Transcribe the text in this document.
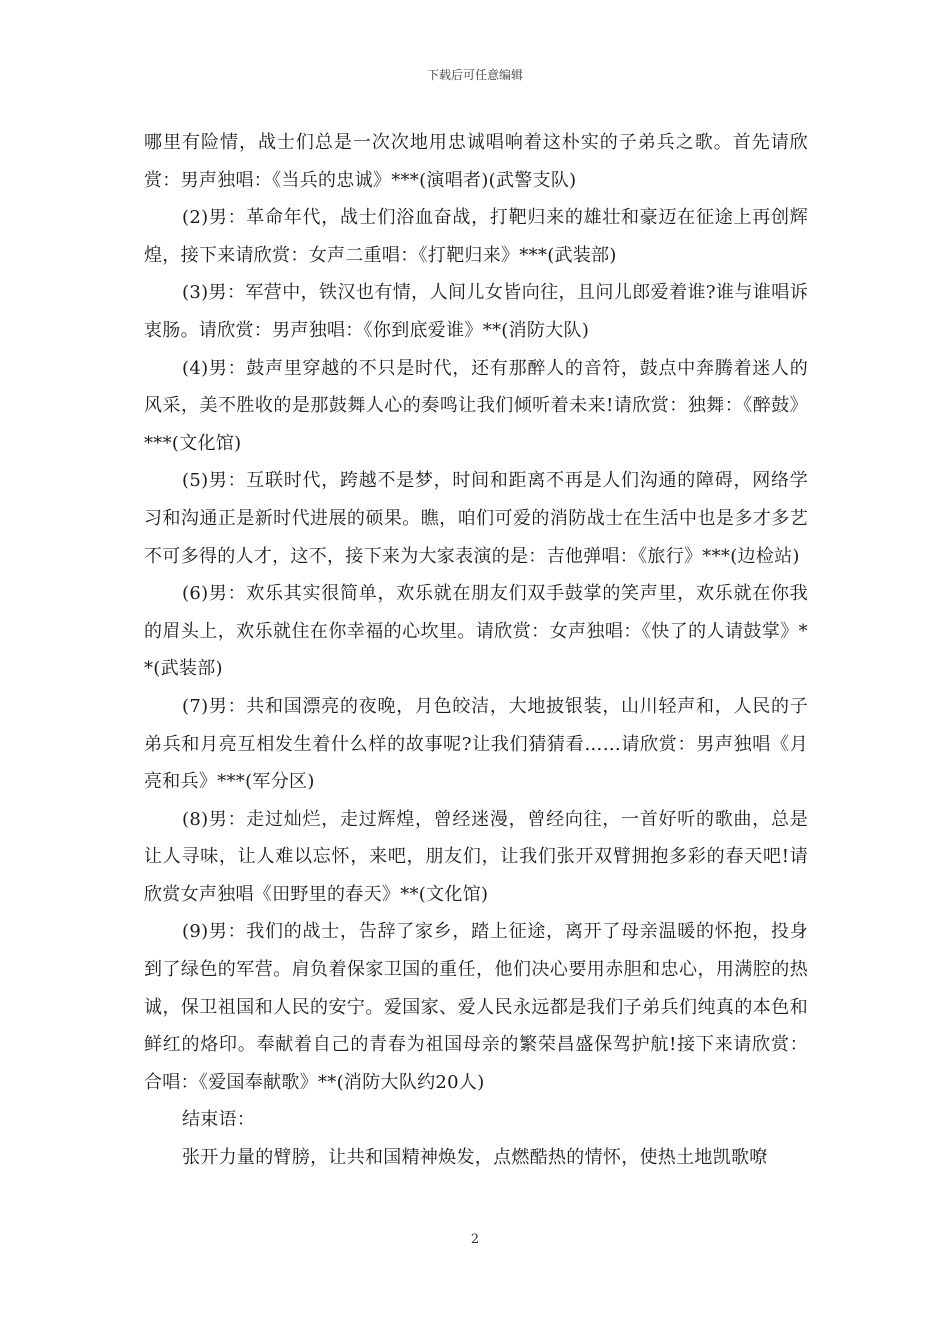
下载后可任意编辑

哪里有险情，战士们总是一次次地用忠诚唱响着这朴实的子弟兵之歌。首先请欣赏：男声独唱：《当兵的忠诚》***(演唱者)(武警支队)

(2)男：革命年代，战士们浴血奋战，打靶归来的雄壮和豪迈在征途上再创辉煌，接下来请欣赏：女声二重唱：《打靶归来》***(武装部)

(3)男：军营中，铁汉也有情，人间儿女皆向往，且问儿郎爱着谁?谁与谁唱诉衷肠。请欣赏：男声独唱：《你到底爱谁》**(消防大队)

(4)男：鼓声里穿越的不只是时代，还有那醉人的音符，鼓点中奔腾着迷人的风采，美不胜收的是那鼓舞人心的奏鸣让我们倾听着未来!请欣赏：独舞：《醉鼓》***(文化馆)

(5)男：互联时代，跨越不是梦，时间和距离不再是人们沟通的障碍，网络学习和沟通正是新时代进展的硕果。瞧，咱们可爱的消防战士在生活中也是多才多艺不可多得的人才，这不，接下来为大家表演的是：吉他弹唱：《旅行》***(边检站)

(6)男：欢乐其实很简单，欢乐就在朋友们双手鼓掌的笑声里，欢乐就在你我的眉头上，欢乐就住在你幸福的心坎里。请欣赏：女声独唱：《快了的人请鼓掌》**(武装部)

(7)男：共和国漂亮的夜晚，月色皎洁，大地披银装，山川轻声和，人民的子弟兵和月亮互相发生着什么样的故事呢?让我们猜猜看……请欣赏：男声独唱《月亮和兵》***(军分区)

(8)男：走过灿烂，走过辉煌，曾经迷漫，曾经向往，一首好听的歌曲，总是让人寻味，让人难以忘怀，来吧，朋友们，让我们张开双臂拥抱多彩的春天吧!请欣赏女声独唱《田野里的春天》**(文化馆)

(9)男：我们的战士，告辞了家乡，踏上征途，离开了母亲温暖的怀抱，投身到了绿色的军营。肩负着保家卫国的重任，他们决心要用赤胆和忠心，用满腔的热诚，保卫祖国和人民的安宁。爱国家、爱人民永远都是我们子弟兵们纯真的本色和鲜红的烙印。奉献着自己的青春为祖国母亲的繁荣昌盛保驾护航!接下来请欣赏：合唱：《爱国奉献歌》**(消防大队约20人)

结束语：

张开力量的臂膀，让共和国精神焕发，点燃酷热的情怀，使热土地凯歌嘹

2
